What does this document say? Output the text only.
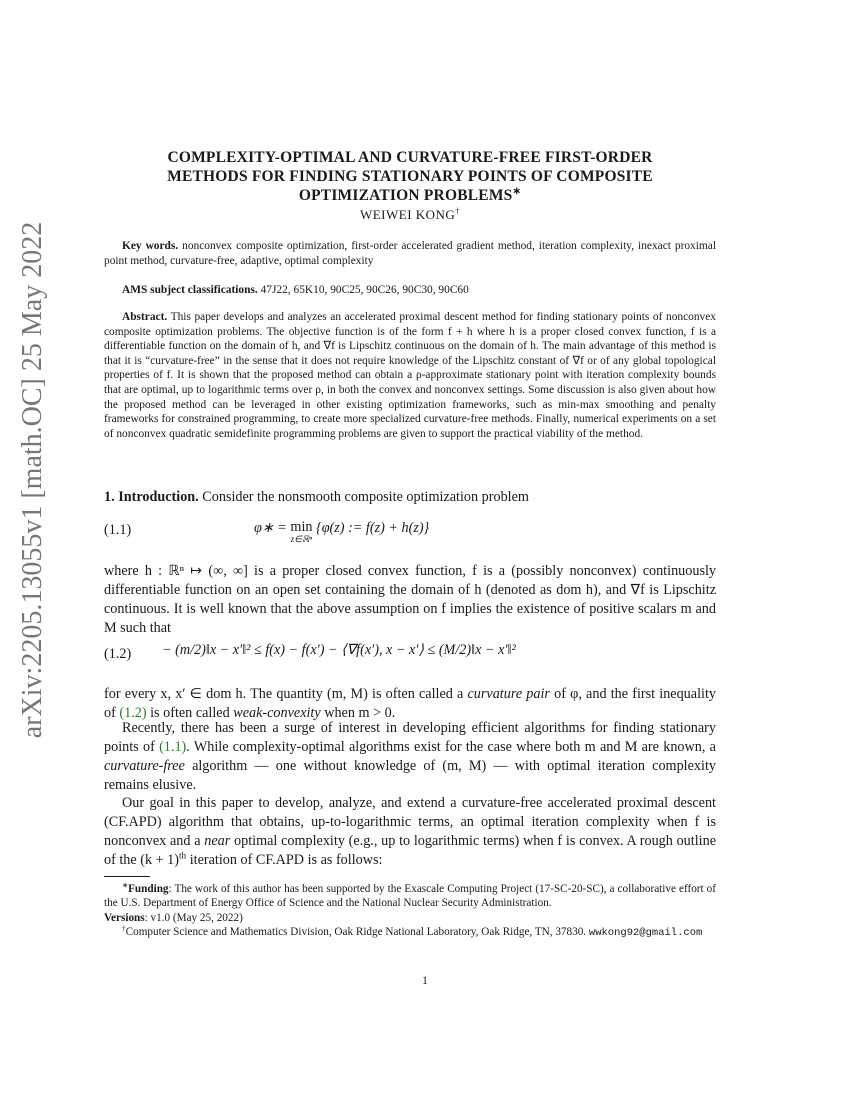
arXiv:2205.13055v1 [math.OC] 25 May 2022
COMPLEXITY-OPTIMAL AND CURVATURE-FREE FIRST-ORDER
METHODS FOR FINDING STATIONARY POINTS OF COMPOSITE
OPTIMIZATION PROBLEMS∗
WEIWEI KONG†
Key words. nonconvex composite optimization, first-order accelerated gradient method, iteration complexity, inexact proximal point method, curvature-free, adaptive, optimal complexity
AMS subject classifications. 47J22, 65K10, 90C25, 90C26, 90C30, 90C60
Abstract. This paper develops and analyzes an accelerated proximal descent method for finding stationary points of nonconvex composite optimization problems. The objective function is of the form f + h where h is a proper closed convex function, f is a differentiable function on the domain of h, and ∇f is Lipschitz continuous on the domain of h. The main advantage of this method is that it is “curvature-free” in the sense that it does not require knowledge of the Lipschitz constant of ∇f or of any global topological properties of f. It is shown that the proposed method can obtain a ρ-approximate stationary point with iteration complexity bounds that are optimal, up to logarithmic terms over ρ, in both the convex and nonconvex settings. Some discussion is also given about how the proposed method can be leveraged in other existing optimization frameworks, such as min-max smoothing and penalty frameworks for constrained programming, to create more specialized curvature-free methods. Finally, numerical experiments on a set of nonconvex quadratic semidefinite programming problems are given to support the practical viability of the method.
1. Introduction. Consider the nonsmooth composite optimization problem
(1.1)	φ∗ = min
z∈ℝⁿ
{φ(z) := f(z) + h(z)}
where h : ℝⁿ ↦ (∞, ∞] is a proper closed convex function, f is a (possibly nonconvex) continuously differentiable function on an open set containing the domain of h (denoted as dom h), and ∇f is Lipschitz continuous. It is well known that the above assumption on f implies the existence of positive scalars m and M such that
(1.2) − (m/2)‖x − x′‖² ≤ f(x) − f(x′) − ⟨∇f(x′), x − x′⟩ ≤ (M/2)‖x − x′‖²
for every x, x′ ∈ dom h. The quantity (m, M) is often called a curvature pair of φ, and the first inequality of (1.2) is often called weak-convexity when m > 0.
Recently, there has been a surge of interest in developing efficient algorithms for finding stationary points of (1.1). While complexity-optimal algorithms exist for the case where both m and M are known, a curvature-free algorithm — one without knowledge of (m, M) — with optimal iteration complexity remains elusive.
Our goal in this paper to develop, analyze, and extend a curvature-free accelerated proximal descent (CF.APD) algorithm that obtains, up-to-logarithmic terms, an optimal iteration complexity when f is nonconvex and a near optimal complexity (e.g., up to logarithmic terms) when f is convex. A rough outline of the $(k + 1)^{th}$ iteration of CF.APD is as follows:
∗Funding: The work of this author has been supported by the Exascale Computing Project (17-SC-20-SC), a collaborative effort of the U.S. Department of Energy Office of Science and the National Nuclear Security Administration.
Versions: v1.0 (May 25, 2022)
†Computer Science and Mathematics Division, Oak Ridge National Laboratory, Oak Ridge, TN, 37830. wwkong92@gmail.com
1
